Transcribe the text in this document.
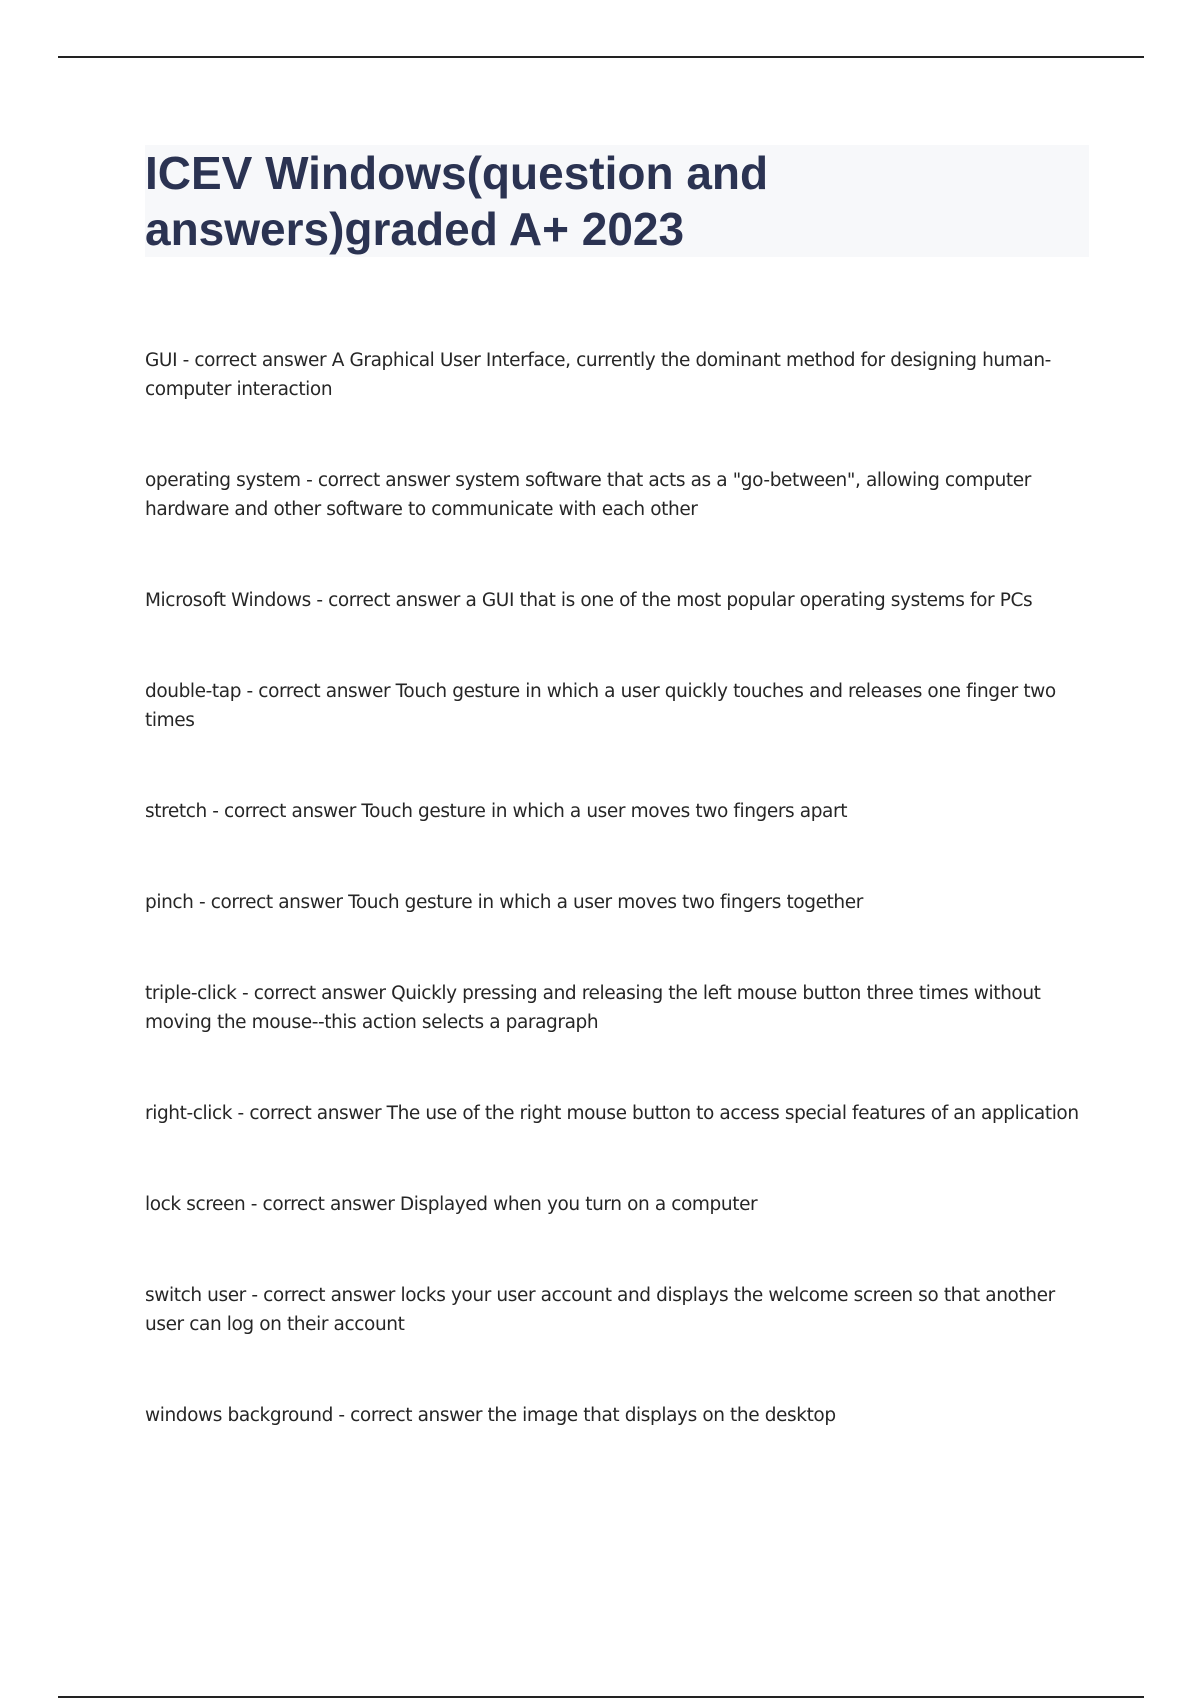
ICEV Windows(question and
answers)graded A+ 2023

GUI - correct answer A Graphical User Interface, currently the dominant method for designing human-computer interaction

operating system - correct answer system software that acts as a "go-between", allowing computer hardware and other software to communicate with each other

Microsoft Windows - correct answer a GUI that is one of the most popular operating systems for PCs

double-tap - correct answer Touch gesture in which a user quickly touches and releases one finger two times

stretch - correct answer Touch gesture in which a user moves two fingers apart

pinch - correct answer Touch gesture in which a user moves two fingers together

triple-click - correct answer Quickly pressing and releasing the left mouse button three times without moving the mouse--this action selects a paragraph

right-click - correct answer The use of the right mouse button to access special features of an application

lock screen - correct answer Displayed when you turn on a computer

switch user - correct answer locks your user account and displays the welcome screen so that another user can log on their account

windows background - correct answer the image that displays on the desktop
